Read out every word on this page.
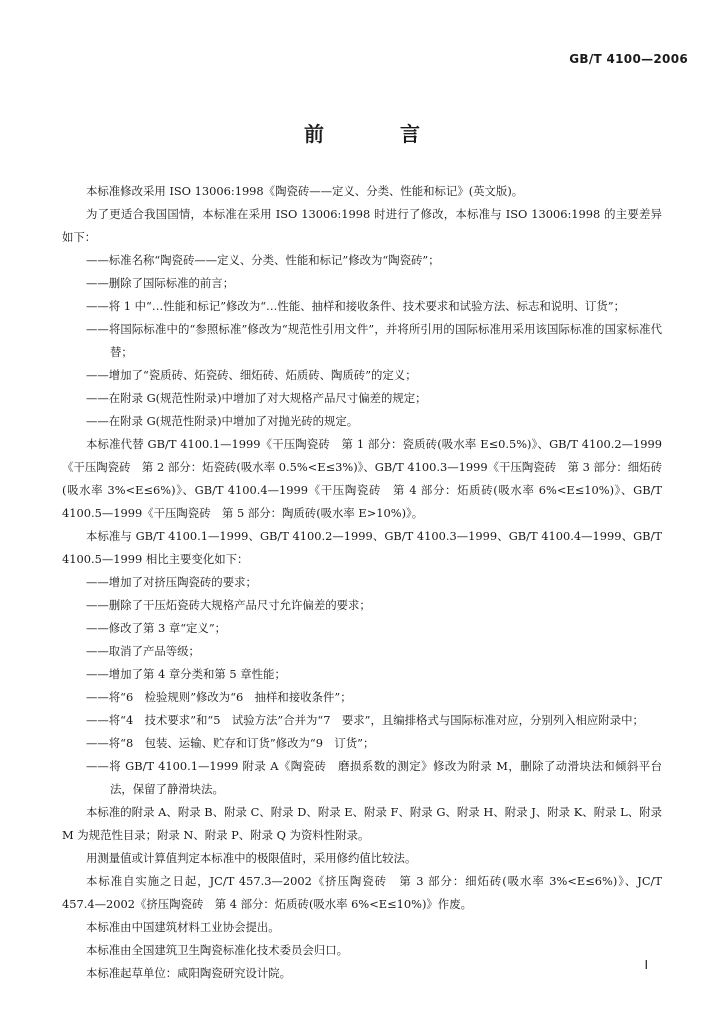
GB/T 4100—2006
前　言

本标准修改采用 ISO 13006:1998《陶瓷砖——定义、分类、性能和标记》(英文版)。

为了更适合我国国情，本标准在采用 ISO 13006:1998 时进行了修改，本标准与 ISO 13006:1998 的主要差异如下：

——标准名称“陶瓷砖——定义、分类、性能和标记”修改为“陶瓷砖”；

——删除了国际标准的前言；

——将 1 中“…性能和标记”修改为“…性能、抽样和接收条件、技术要求和试验方法、标志和说明、订货”；

——将国际标准中的“参照标准”修改为“规范性引用文件”，并将所引用的国际标准用采用该国际标准的国家标准代替；

——增加了“瓷质砖、炻瓷砖、细炻砖、炻质砖、陶质砖”的定义；

——在附录 G(规范性附录)中增加了对大规格产品尺寸偏差的规定；

——在附录 G(规范性附录)中增加了对抛光砖的规定。

本标准代替 GB/T 4100.1—1999《干压陶瓷砖　第 1 部分：瓷质砖(吸水率 E≤0.5%)》、GB/T 4100.2—1999《干压陶瓷砖　第 2 部分：炻瓷砖(吸水率 0.5%<E≤3%)》、GB/T 4100.3—1999《干压陶瓷砖　第 3 部分：细炻砖(吸水率 3%<E≤6%)》、GB/T 4100.4—1999《干压陶瓷砖　第 4 部分：炻质砖(吸水率 6%<E≤10%)》、GB/T 4100.5—1999《干压陶瓷砖　第 5 部分：陶质砖(吸水率 E>10%)》。

本标准与 GB/T 4100.1—1999、GB/T 4100.2—1999、GB/T 4100.3—1999、GB/T 4100.4—1999、GB/T 4100.5—1999 相比主要变化如下：

——增加了对挤压陶瓷砖的要求；

——删除了干压炻瓷砖大规格产品尺寸允许偏差的要求；

——修改了第 3 章“定义”；

——取消了产品等级；

——增加了第 4 章分类和第 5 章性能；

——将“6　检验规则”修改为“6　抽样和接收条件”；

——将“4　技术要求”和“5　试验方法”合并为“7　要求”，且编排格式与国际标准对应，分别列入相应附录中；

——将“8　包装、运输、贮存和订货”修改为“9　订货”；

——将 GB/T 4100.1—1999 附录 A《陶瓷砖　磨损系数的测定》修改为附录 M，删除了动滑块法和倾斜平台法，保留了静滑块法。

本标准的附录 A、附录 B、附录 C、附录 D、附录 E、附录 F、附录 G、附录 H、附录 J、附录 K、附录 L、附录 M 为规范性目录；附录 N、附录 P、附录 Q 为资料性附录。

用测量值或计算值判定本标准中的极限值时，采用修约值比较法。

本标准自实施之日起，JC/T 457.3—2002《挤压陶瓷砖　第 3 部分：细炻砖(吸水率 3%<E≤6%)》、JC/T 457.4—2002《挤压陶瓷砖　第 4 部分：炻质砖(吸水率 6%<E≤10%)》作废。

本标准由中国建筑材料工业协会提出。

本标准由全国建筑卫生陶瓷标准化技术委员会归口。

本标准起草单位：咸阳陶瓷研究设计院。

I
